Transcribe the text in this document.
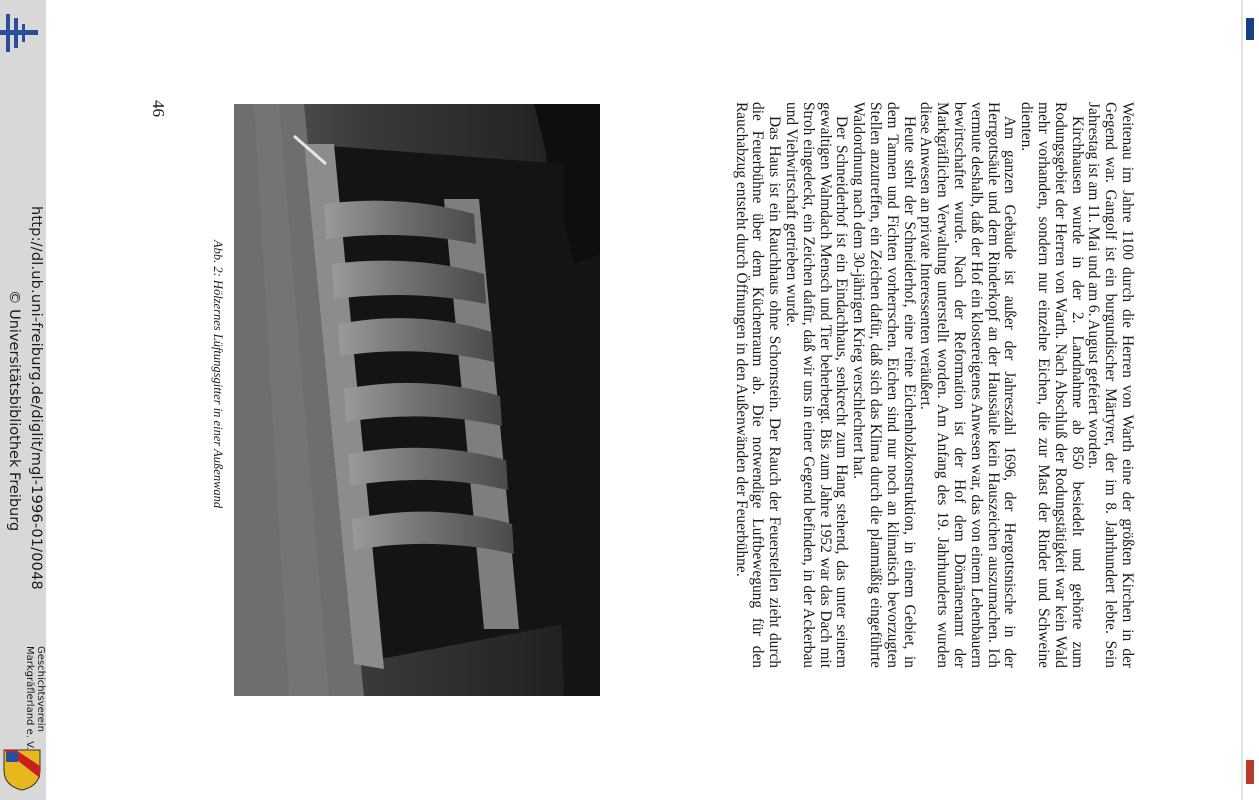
http://dl.ub.uni-freiburg.de/diglit/mgl-1996-01/0048
© Universitätsbibliothek Freiburg
Geschichtsverein
Markgräflerland e. V.
46
Abb. 2: Hölzernes Lüftungsgitter in einer Außenwand	Weitenau im Jahre 1100 durch die Herren von Warth eine der größten Kirchen in der Gegend war. Gangolf ist ein burgundischer Märtyrer, der im 8. Jahrhundert lebte. Sein Jahrestag ist am 11. Mai und am 6. August gefeiert worden.

Kirchhausen wurde in der 2. Landnahme ab 850 besiedelt und gehörte zum Rodungsgebiet der Herren von Warth. Nach Abschluß der Rodungstätigkeit war kein Wald mehr vorhanden, sondern nur einzelne Eichen, die zur Mast der Rinder und Schweine dienten.

Am ganzen Gebäude ist außer der Jahreszahl 1696, der Hergottsnische in der Herrgottsäule und dem Rinderkopf an der Haussäule kein Hauszeichen auszumachen. Ich vermute deshalb, daß der Hof ein klostereigenes Anwesen war, das von einem Lehenbauern bewirtschaftet wurde. Nach der Reformation ist der Hof dem Dömänenamt der Markgräflichen Verwaltung unterstellt worden. Am Anfang des 19. Jahrhunderts wurden diese Anwesen an private Interessenten veräußert.

Heute steht der Schneiderhof, eine reine Eichenholzkonstruktion, in einem Gebiet, in dem Tannen und Fichten vorherrschen. Eichen sind nur noch an klimatisch bevorzugten Stellen anzutreffen, ein Zeichen dafür, daß sich das Klima durch die planmäßig eingeführte Waldordnung nach dem 30-jährigen Krieg verschlechtert hat.

Der Schneiderhof ist ein Eindachhaus, senkrecht zum Hang stehend, das unter seinem gewaltigen Walmdach Mensch und Tier beherbergt. Bis zum Jahre 1952 war das Dach mit Stroh eingedeckt, ein Zeichen dafür, daß wir uns in einer Gegend befinden, in der Ackerbau und Viehwirtschaft getrieben wurde.

Das Haus ist ein Rauchhaus ohne Schornstein. Der Rauch der Feuerstellen zieht durch die Feuerbühne über dem Küchenraum ab. Die notwendige Luftbewegung für den Rauchabzug entsteht durch Öffnungen in den Außenwänden der Feuerbühne.
